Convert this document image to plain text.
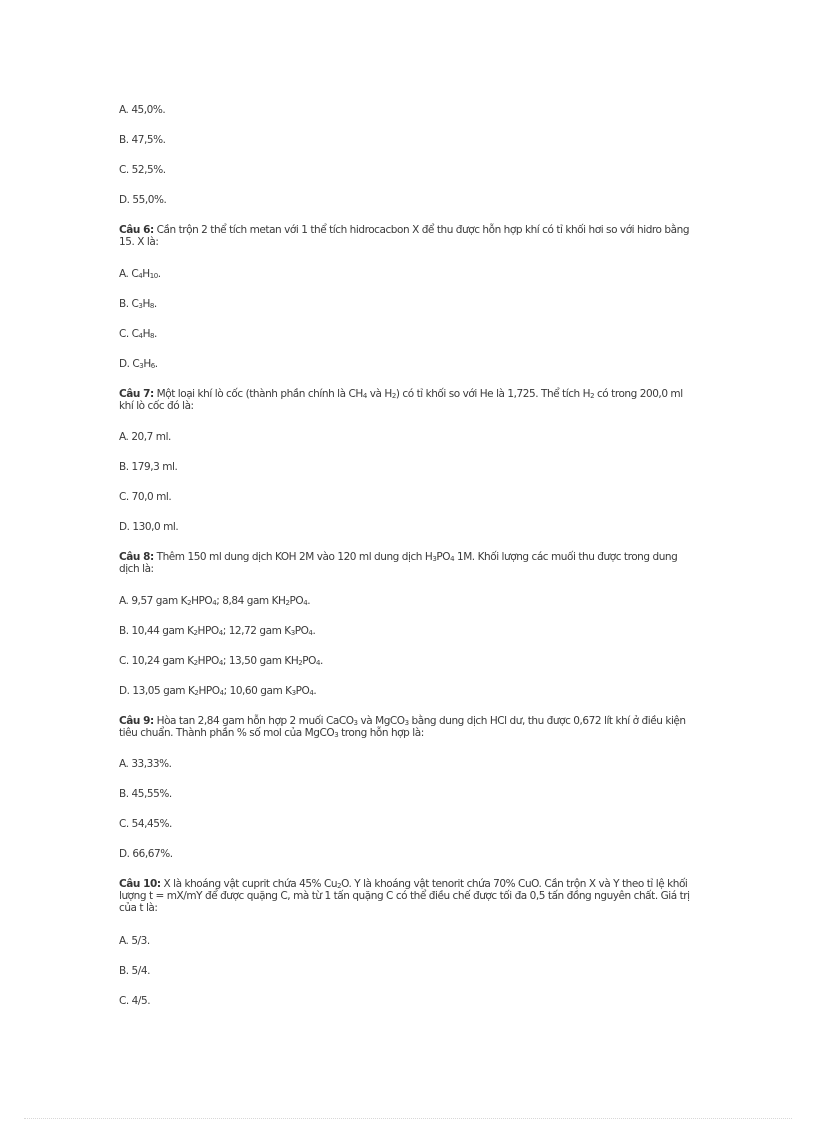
A. 45,0%.
B. 47,5%.
C. 52,5%.
D. 55,0%.
Câu 6: Cần trộn 2 thể tích metan với 1 thể tích hidrocacbon X để thu được hỗn hợp khí có tỉ khối hơi so với hidro bằng 15. X là:
A. $C_4H_{10}$.
B. $C_3H_8$.
C. $C_4H_8$.
D. $C_3H_6$.
Câu 7: Một loại khí lò cốc (thành phần chính là $CH_4$ và $H_2$) có tỉ khối so với He là 1,725. Thể tích $H_2$ có trong 200,0 ml khí lò cốc đó là:
A. 20,7 ml.
B. 179,3 ml.
C. 70,0 ml.
D. 130,0 ml.
Câu 8: Thêm 150 ml dung dịch KOH 2M vào 120 ml dung dịch $H_3PO_4$ 1M. Khối lượng các muối thu được trong dung dịch là:
A. 9,57 gam $K_2HPO_4$; 8,84 gam $KH_2PO_4$.
B. 10,44 gam $K_2HPO_4$; 12,72 gam $K_3PO_4$.
C. 10,24 gam $K_2HPO_4$; 13,50 gam $KH_2PO_4$.
D. 13,05 gam $K_2HPO_4$; 10,60 gam $K_3PO_4$.
Câu 9: Hòa tan 2,84 gam hỗn hợp 2 muối CaCO$_3$ và MgCO$_3$ bằng dung dịch HCl dư, thu được 0,672 lít khí ở điều kiện tiêu chuẩn. Thành phần % số mol của MgCO$_3$ trong hỗn hợp là:
A. 33,33%.
B. 45,55%.
C. 54,45%.
D. 66,67%.
Câu 10: X là khoáng vật cuprit chứa 45% $Cu_2O$. Y là khoáng vật tenorit chứa 70% CuO. Cần trộn X và Y theo tỉ lệ khối lượng t = mX/mY để được quặng C, mà từ 1 tấn quặng C có thể điều chế được tối đa 0,5 tấn đồng nguyên chất. Giá trị của t là:
A. 5/3.
B. 5/4.
C. 4/5.
